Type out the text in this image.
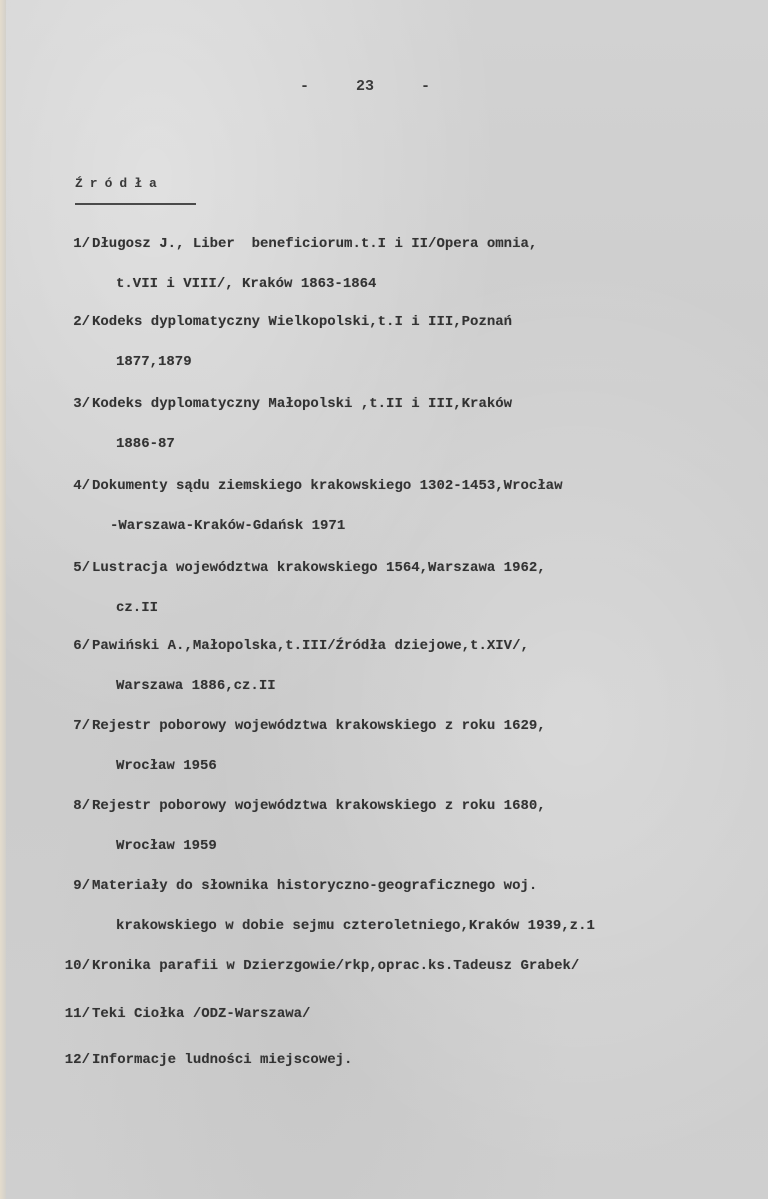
-	23	-
Źródła
1/ Długosz J., Liber  beneficiorum.t.I i II/Opera omnia,
t.VII i VIII/, Kraków 1863-1864
2/ Kodeks dyplomatyczny Wielkopolski,t.I i III,Poznań
1877,1879
3/ Kodeks dyplomatyczny Małopolski ,t.II i III,Kraków
1886-87
4/ Dokumenty sądu ziemskiego krakowskiego 1302-1453,Wrocław
-Warszawa-Kraków-Gdańsk 1971
5/ Lustracja województwa krakowskiego 1564,Warszawa 1962,
cz.II
6/ Pawiński A.,Małopolska,t.III/Źródła dziejowe,t.XIV/,
Warszawa 1886,cz.II
7/ Rejestr poborowy województwa krakowskiego z roku 1629,
Wrocław 1956
8/ Rejestr poborowy województwa krakowskiego z roku 1680,
Wrocław 1959
9/ Materiały do słownika historyczno-geograficznego woj.
krakowskiego w dobie sejmu czteroletniego,Kraków 1939,z.1
10/ Kronika parafii w Dzierzgowie/rkp,oprac.ks.Tadeusz Grabek/
11/ Teki Ciołka /ODZ-Warszawa/
12/ Informacje ludności miejscowej.
